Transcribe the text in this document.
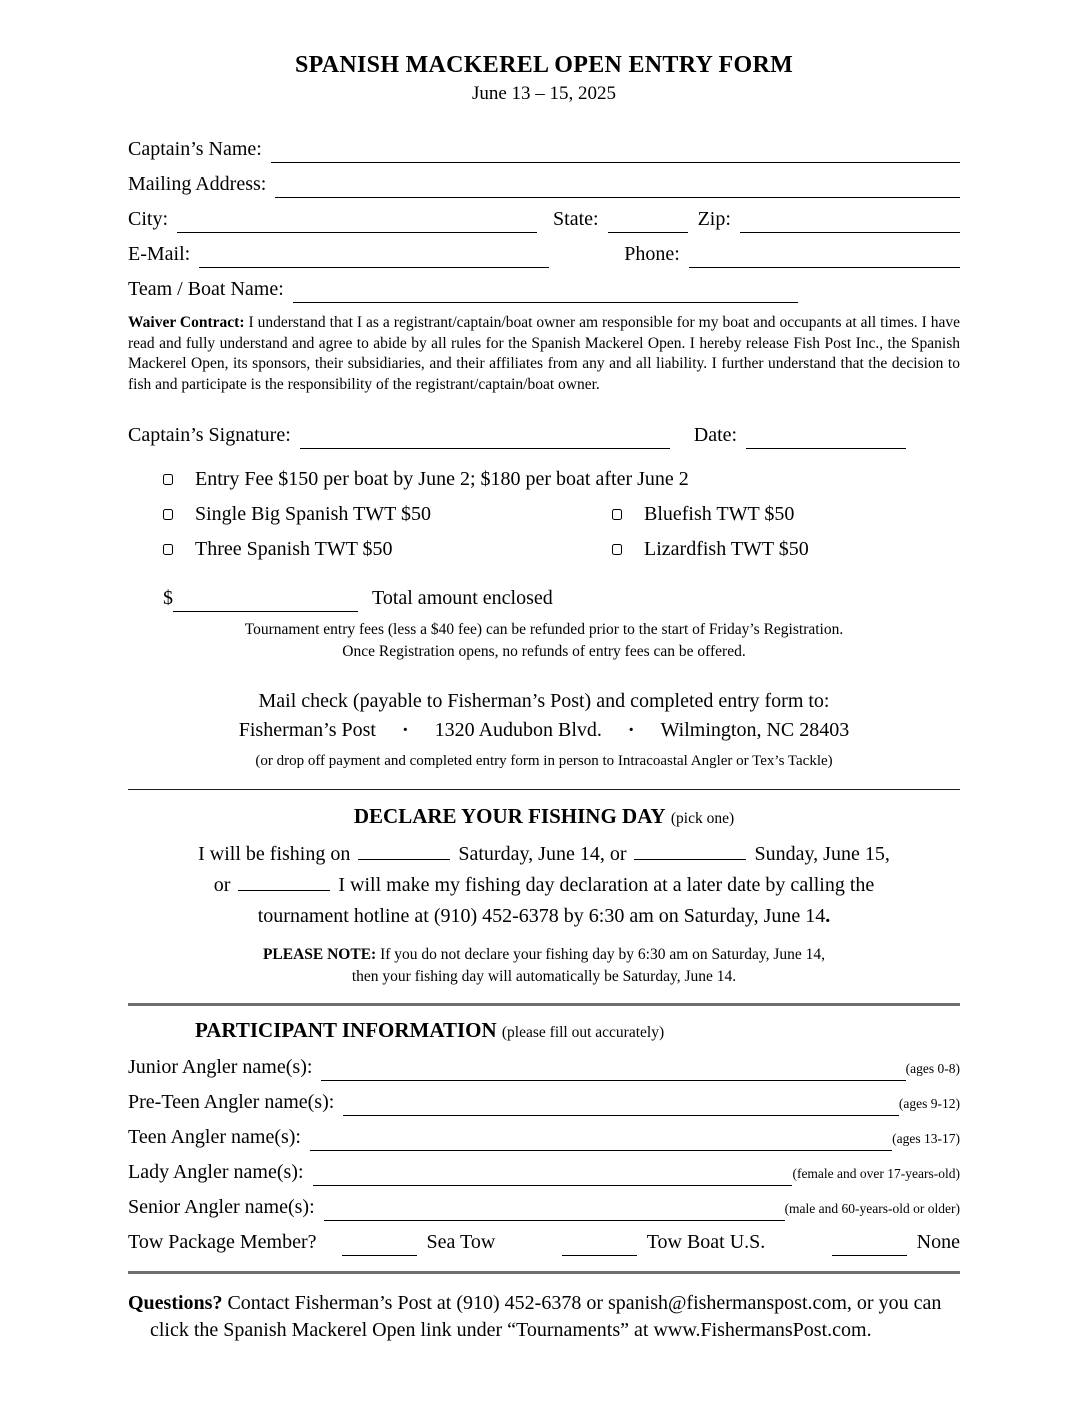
SPANISH MACKEREL OPEN ENTRY FORM
June 13 – 15, 2025
Captain’s Name:
Mailing Address:
City:	State:	Zip:
E-Mail:	Phone:
Team / Boat Name:
Waiver Contract: I understand that I as a registrant/captain/boat owner am responsible for my boat and occupants at all times. I have read and fully understand and agree to abide by all rules for the Spanish Mackerel Open. I hereby release Fish Post Inc., the Spanish Mackerel Open, its sponsors, their subsidiaries, and their affiliates from any and all liability. I further understand that the decision to fish and participate is the responsibility of the registrant/captain/boat owner.
Captain’s Signature:	Date:
Entry Fee $150 per boat by June 2; $180 per boat after June 2
Single Big Spanish TWT $50	Bluefish TWT $50
Three Spanish TWT $50	Lizardfish TWT $50
$	Total amount enclosed
Tournament entry fees (less a $40 fee) can be refunded prior to the start of Friday’s Registration.
Once Registration opens, no refunds of entry fees can be offered.
Mail check (payable to Fisherman’s Post) and completed entry form to:
Fisherman’s Post · 1320 Audubon Blvd. · Wilmington, NC 28403
(or drop off payment and completed entry form in person to Intracoastal Angler or Tex’s Tackle)
DECLARE YOUR FISHING DAY (pick one)
I will be fishing on	Saturday, June 14, or	Sunday, June 15,
or	I will make my fishing day declaration at a later date by calling the
tournament hotline at (910) 452-6378 by 6:30 am on Saturday, June 14.
PLEASE NOTE: If you do not declare your fishing day by 6:30 am on Saturday, June 14,
then your fishing day will automatically be Saturday, June 14.
PARTICIPANT INFORMATION (please fill out accurately)
Junior Angler name(s):	(ages 0-8)
Pre-Teen Angler name(s):	(ages 9-12)
Teen Angler name(s):	(ages 13-17)
Lady Angler name(s):	(female and over 17-years-old)
Senior Angler name(s):	(male and 60-years-old or older)
Tow Package Member?	Sea Tow	Tow Boat U.S.	None
Questions? Contact Fisherman’s Post at (910) 452-6378 or spanish@fishermanspost.com, or you can
click the Spanish Mackerel Open link under “Tournaments” at www.FishermansPost.com.
